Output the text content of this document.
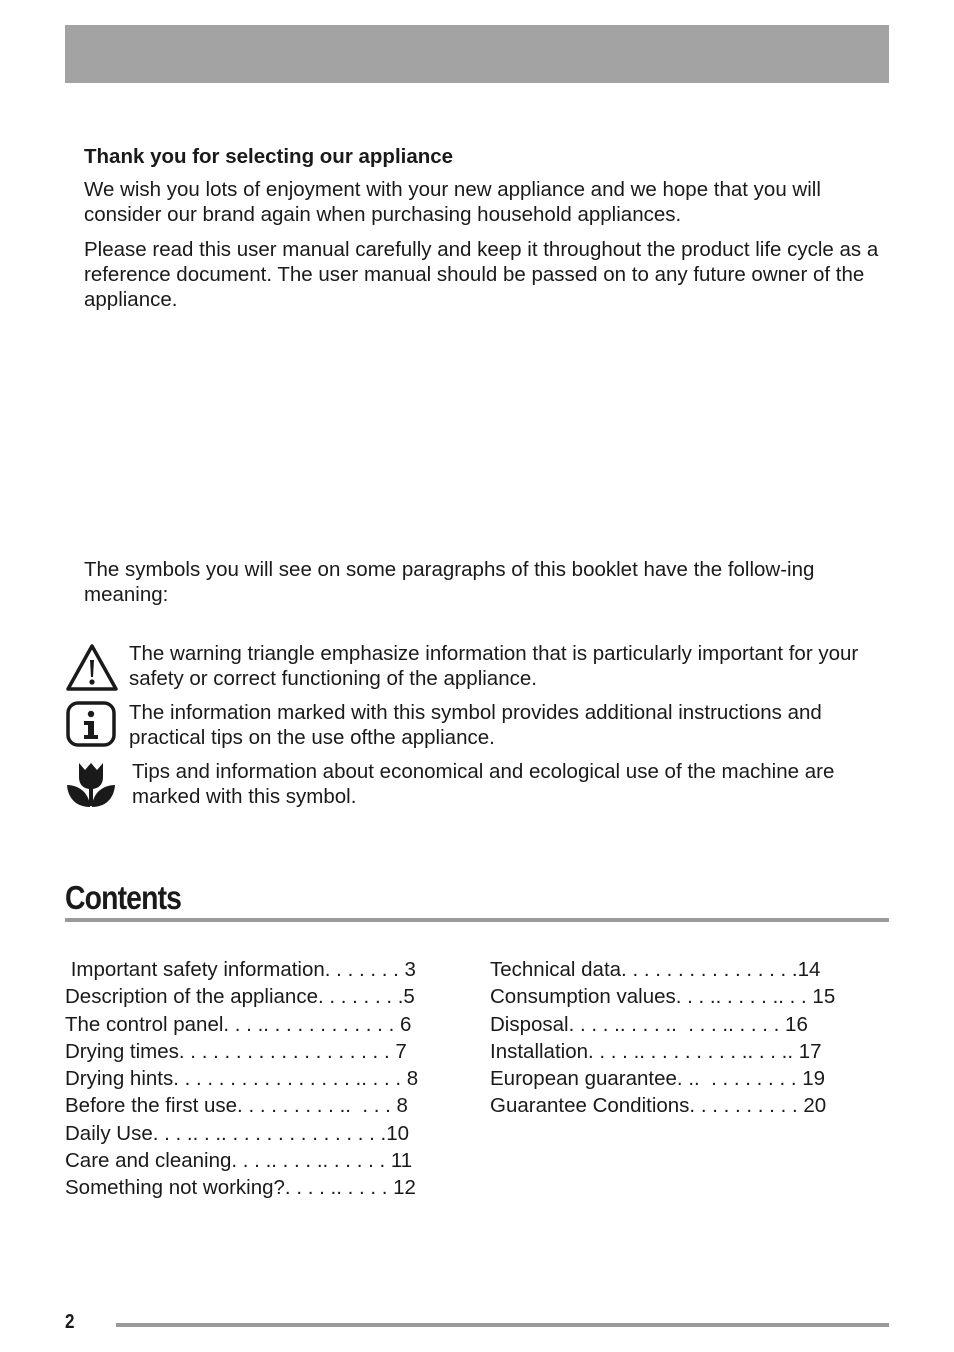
Thank you for selecting our appliance

We wish you lots of enjoyment with your new appliance and we hope that you will consider our brand again when purchasing household appliances.

Please read this user manual carefully and keep it throughout the product life cycle as a reference document. The user manual should be passed on to any future owner of the appliance.

The symbols you will see on some paragraphs of this booklet have the follow-ing meaning:

The warning triangle emphasize information that is particularly important for your safety or correct functioning of the appliance.

The information marked with this symbol provides additional instructions and practical tips on the use ofthe appliance.

Tips and information about economical and ecological use of the machine are marked with this symbol.

Contents
Important safety information. . . . . . . 3
Description of the appliance. . . . . . . .5
The control panel. . . .. . . . . . . . . . . . 6
Drying times. . . . . . . . . . . . . . . . . . . 7
Drying hints. . . . . . . . . . . . . . . . .. . . . 8
Before the first use. . . . . . . . . ..  . . . 8
Daily Use. . . .. . .. . . . . . . . . . . . . . .10
Care and cleaning. . . .. . . . .. . . . . . 11
Something not working?. . . . .. . . . . 12
Technical data. . . . . . . . . . . . . . . .14
Consumption values. . . .. . . . . .. . . 15
Disposal. . . . .. . . . ..  . . . .. . . . . 16
Installation. . . . .. . . . . . . . . .. . . .. 17
European guarantee. ..  . . . . . . . . 19
Guarantee Conditions. . . . . . . . . . 20
2
